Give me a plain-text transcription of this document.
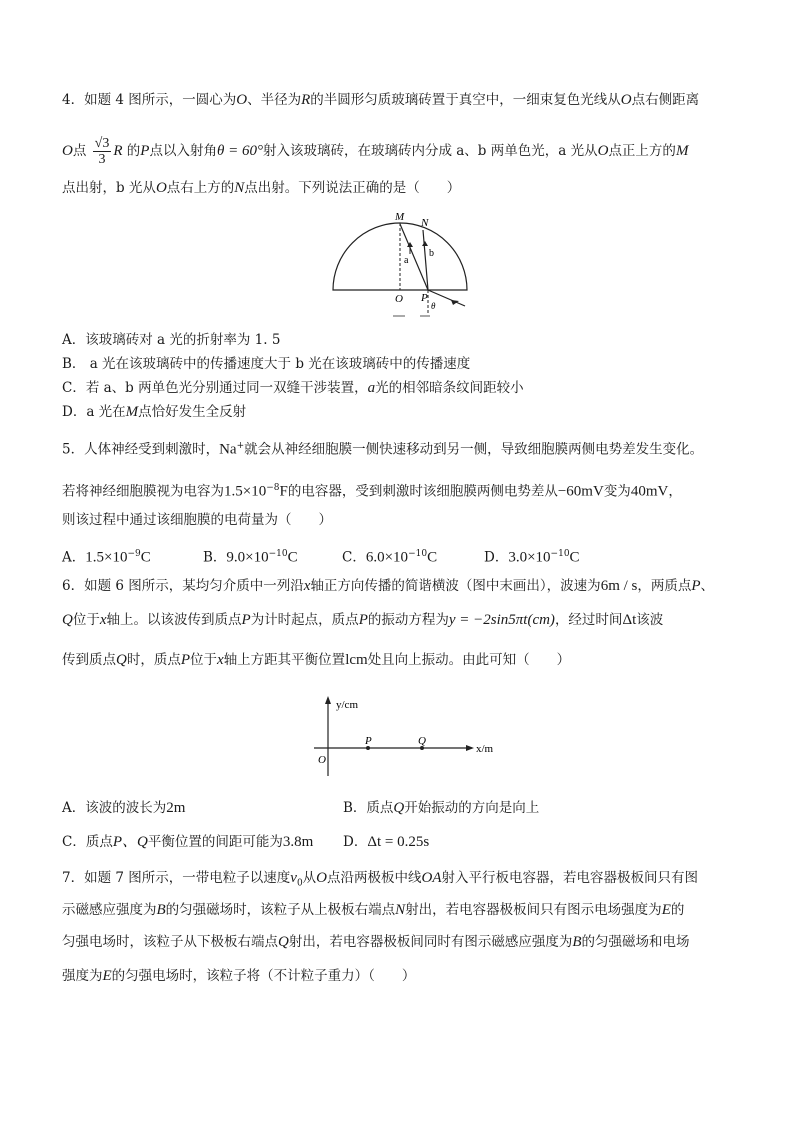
4．如题 4 图所示，一圆心为O、半径为R的半圆形匀质玻璃砖置于真空中，一细束复色光线从O点右侧距离
O点 $\frac{√3}{3}$ R 的P点以入射角θ = 60°射入该玻璃砖，在玻璃砖内分成 a、b 两单色光，a 光从O点正上方的M
点出射，b 光从O点右上方的N点出射。下列说法正确的是（　　）
M N
a
b
O P
θ
A．该玻璃砖对 a 光的折射率为 1. 5
B． a 光在该玻璃砖中的传播速度大于 b 光在该玻璃砖中的传播速度
C．若 a、b 两单色光分别通过同一双缝干涉装置，a光的相邻暗条纹间距较小
D．a 光在M点恰好发生全反射
5．人体神经受到刺激时，Na+就会从神经细胞膜一侧快速移动到另一侧，导致细胞膜两侧电势差发生变化。
若将神经细胞膜视为电容为$1.5\times 10^{-8}F$的电容器，受到刺激时该细胞膜两侧电势差从−60mV变为40mV，
则该过程中通过该细胞膜的电荷量为（　　）
A．$1.5\times 10^{-9}C$	B．$9.0\times 10^{-10}C$	C．$6.0\times 10^{-10}C$	D．$3.0\times 10^{-10}C$
6．如题 6 图所示，某均匀介质中一列沿x轴正方向传播的简谐横波（图中末画出），波速为6m / s，两质点P、
Q位于x轴上。以该波传到质点P为计时起点，质点P的振动方程为y = −2sin5πt(cm)，经过时间Δt该波
传到质点Q时，质点P位于x轴上方距其平衡位置lcm处且向上振动。由此可知（　　）
y/cm
x/m
O
P	Q
A．该波的波长为2m	B．质点Q开始振动的方向是向上
C．质点P、Q平衡位置的间距可能为3.8m D．Δt = 0.25s
7．如题 7 图所示，一带电粒子以速度$v_0$从O点沿两极板中线OA射入平行板电容器，若电容器极板间只有图
示磁感应强度为B的匀强磁场时，该粒子从上极板右端点N射出，若电容器极板间只有图示电场强度为E的
匀强电场时，该粒子从下极板右端点Q射出，若电容器极板间同时有图示磁感应强度为B的匀强磁场和电场
强度为E的匀强电场时，该粒子将（不计粒子重力）（　　）
